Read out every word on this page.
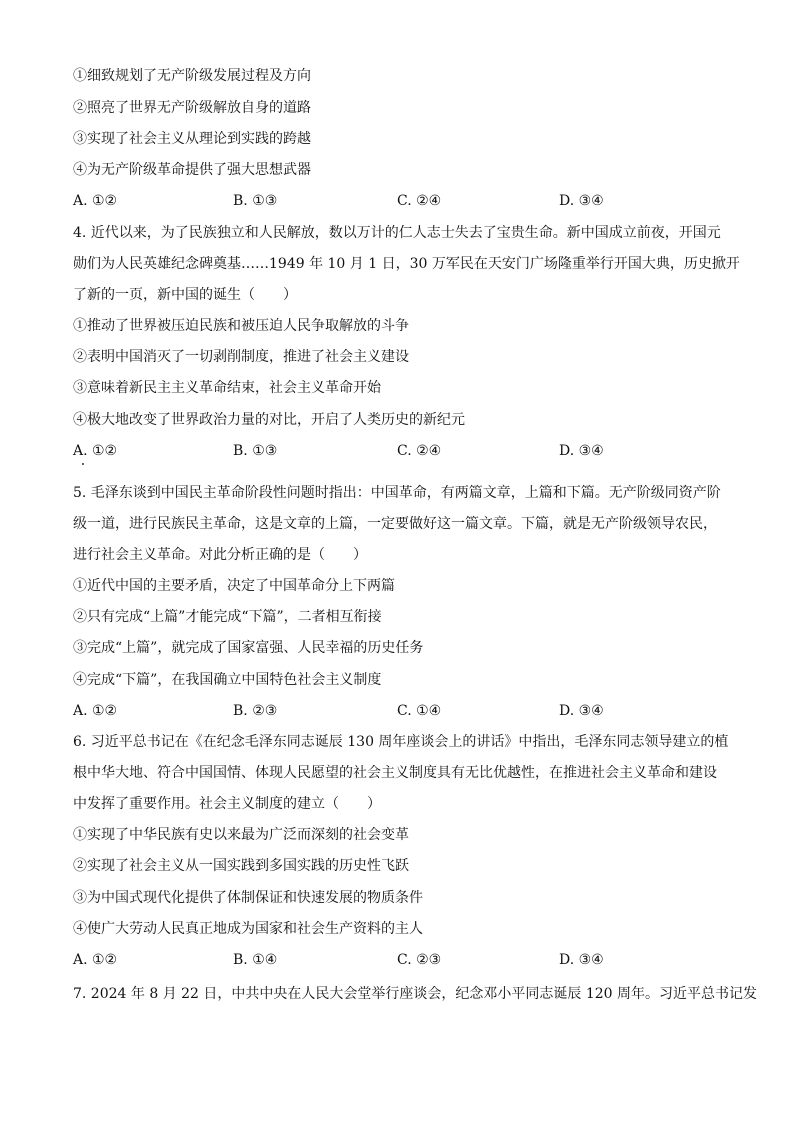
①细致规划了无产阶级发展过程及方向
②照亮了世界无产阶级解放自身的道路
③实现了社会主义从理论到实践的跨越
④为无产阶级革命提供了强大思想武器
A. ①②	B. ①③	C. ②④	D. ③④
4. 近代以来，为了民族独立和人民解放，数以万计的仁人志士失去了宝贵生命。新中国成立前夜，开国元
勋们为人民英雄纪念碑奠基……1949 年 10 月 1 日，30 万军民在天安门广场隆重举行开国大典，历史掀开
了新的一页，新中国的诞生（　　）
①推动了世界被压迫民族和被压迫人民争取解放的斗争
②表明中国消灭了一切剥削制度，推进了社会主义建设
③意味着新民主主义革命结束，社会主义革命开始
④极大地改变了世界政治力量的对比，开启了人类历史的新纪元
A. ①②	B. ①③	C. ②④	D. ③④
5. 毛泽东谈到中国民主革命阶段性问题时指出：中国革命，有两篇文章，上篇和下篇。无产阶级同资产阶
级一道，进行民族民主革命，这是文章的上篇，一定要做好这一篇文章。下篇，就是无产阶级领导农民，
进行社会主义革命。对此分析正确的是（　　）
①近代中国的主要矛盾，决定了中国革命分上下两篇
②只有完成“上篇”才能完成“下篇”，二者相互衔接
③完成“上篇”，就完成了国家富强、人民幸福的历史任务
④完成“下篇”，在我国确立中国特色社会主义制度
A. ①②	B. ②③	C. ①④	D. ③④
6. 习近平总书记在《在纪念毛泽东同志诞辰 130 周年座谈会上的讲话》中指出，毛泽东同志领导建立的植
根中华大地、符合中国国情、体现人民愿望的社会主义制度具有无比优越性，在推进社会主义革命和建设
中发挥了重要作用。社会主义制度的建立（　　）
①实现了中华民族有史以来最为广泛而深刻的社会变革
②实现了社会主义从一国实践到多国实践的历史性飞跃
③为中国式现代化提供了体制保证和快速发展的物质条件
④使广大劳动人民真正地成为国家和社会生产资料的主人
A. ①②	B. ①④	C. ②③	D. ③④
7. 2024 年 8 月 22 日，中共中央在人民大会堂举行座谈会，纪念邓小平同志诞辰 120 周年。习近平总书记发
